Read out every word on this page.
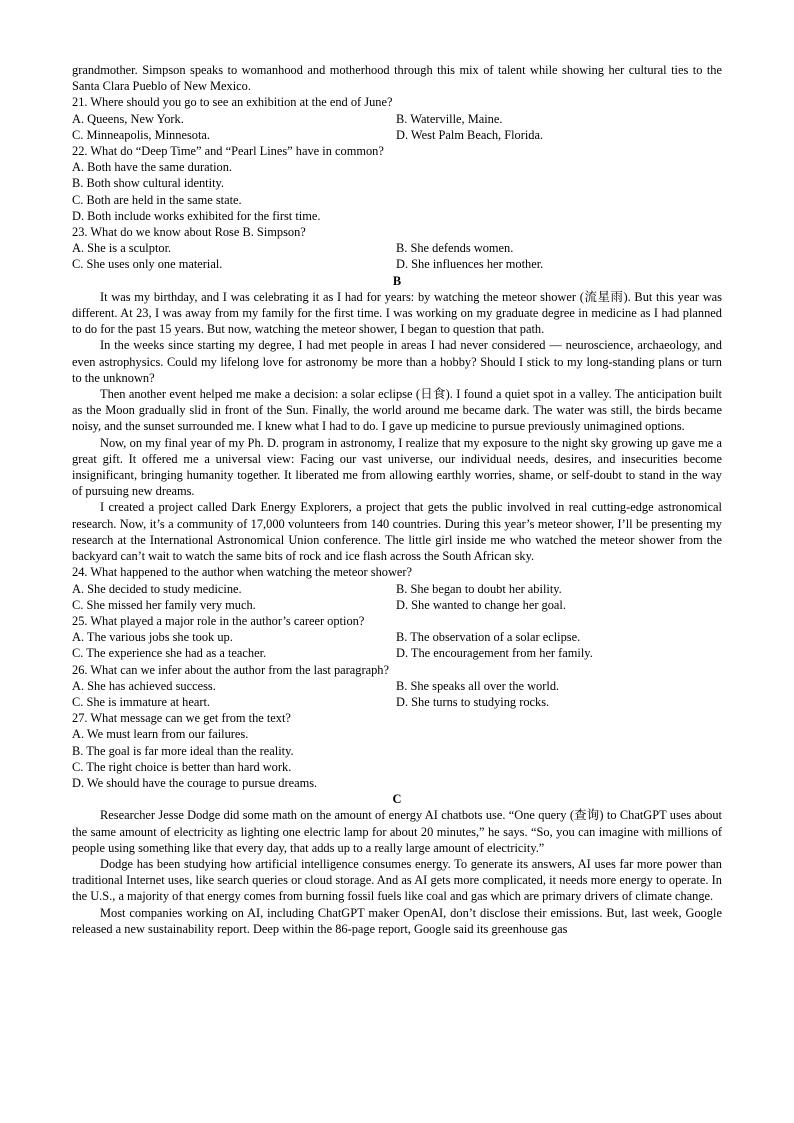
grandmother. Simpson speaks to womanhood and motherhood through this mix of talent while showing her cultural ties to the Santa Clara Pueblo of New Mexico.

21. Where should you go to see an exhibition at the end of June?

A. Queens, New York.	B. Waterville, Maine.
C. Minneapolis, Minnesota.	D. West Palm Beach, Florida.

22. What do “Deep Time” and “Pearl Lines” have in common?

A. Both have the same duration.
B. Both show cultural identity.
C. Both are held in the same state.
D. Both include works exhibited for the first time.

23. What do we know about Rose B. Simpson?

A. She is a sculptor.	B. She defends women.
C. She uses only one material.	D. She influences her mother.

B

It was my birthday, and I was celebrating it as I had for years: by watching the meteor shower (流星雨). But this year was different. At 23, I was away from my family for the first time. I was working on my graduate degree in medicine as I had planned to do for the past 15 years. But now, watching the meteor shower, I began to question that path.

In the weeks since starting my degree, I had met people in areas I had never considered — neuroscience, archaeology, and even astrophysics. Could my lifelong love for astronomy be more than a hobby? Should I stick to my long-standing plans or turn to the unknown?

Then another event helped me make a decision: a solar eclipse (日食). I found a quiet spot in a valley. The anticipation built as the Moon gradually slid in front of the Sun. Finally, the world around me became dark. The water was still, the birds became noisy, and the sunset surrounded me. I knew what I had to do. I gave up medicine to pursue previously unimagined options.

Now, on my final year of my Ph. D. program in astronomy, I realize that my exposure to the night sky growing up gave me a great gift. It offered me a universal view: Facing our vast universe, our individual needs, desires, and insecurities become insignificant, bringing humanity together. It liberated me from allowing earthly worries, shame, or self-doubt to stand in the way of pursuing new dreams.

I created a project called Dark Energy Explorers, a project that gets the public involved in real cutting-edge astronomical research. Now, it’s a community of 17,000 volunteers from 140 countries. During this year’s meteor shower, I’ll be presenting my research at the International Astronomical Union conference. The little girl inside me who watched the meteor shower from the backyard can’t wait to watch the same bits of rock and ice flash across the South African sky.

24. What happened to the author when watching the meteor shower?

A. She decided to study medicine.	B. She began to doubt her ability.
C. She missed her family very much.	D. She wanted to change her goal.

25. What played a major role in the author’s career option?

A. The various jobs she took up.	B. The observation of a solar eclipse.
C. The experience she had as a teacher.	D. The encouragement from her family.

26. What can we infer about the author from the last paragraph?

A. She has achieved success.	B. She speaks all over the world.
C. She is immature at heart.	D. She turns to studying rocks.

27. What message can we get from the text?

A. We must learn from our failures.
B. The goal is far more ideal than the reality.
C. The right choice is better than hard work.
D. We should have the courage to pursue dreams.

C

Researcher Jesse Dodge did some math on the amount of energy AI chatbots use. “One query (查询) to ChatGPT uses about the same amount of electricity as lighting one electric lamp for about 20 minutes,” he says. “So, you can imagine with millions of people using something like that every day, that adds up to a really large amount of electricity.”

Dodge has been studying how artificial intelligence consumes energy. To generate its answers, AI uses far more power than traditional Internet uses, like search queries or cloud storage. And as AI gets more complicated, it needs more energy to operate. In the U.S., a majority of that energy comes from burning fossil fuels like coal and gas which are primary drivers of climate change.

Most companies working on AI, including ChatGPT maker OpenAI, don’t disclose their emissions. But, last week, Google released a new sustainability report. Deep within the 86-page report, Google said its greenhouse gas
